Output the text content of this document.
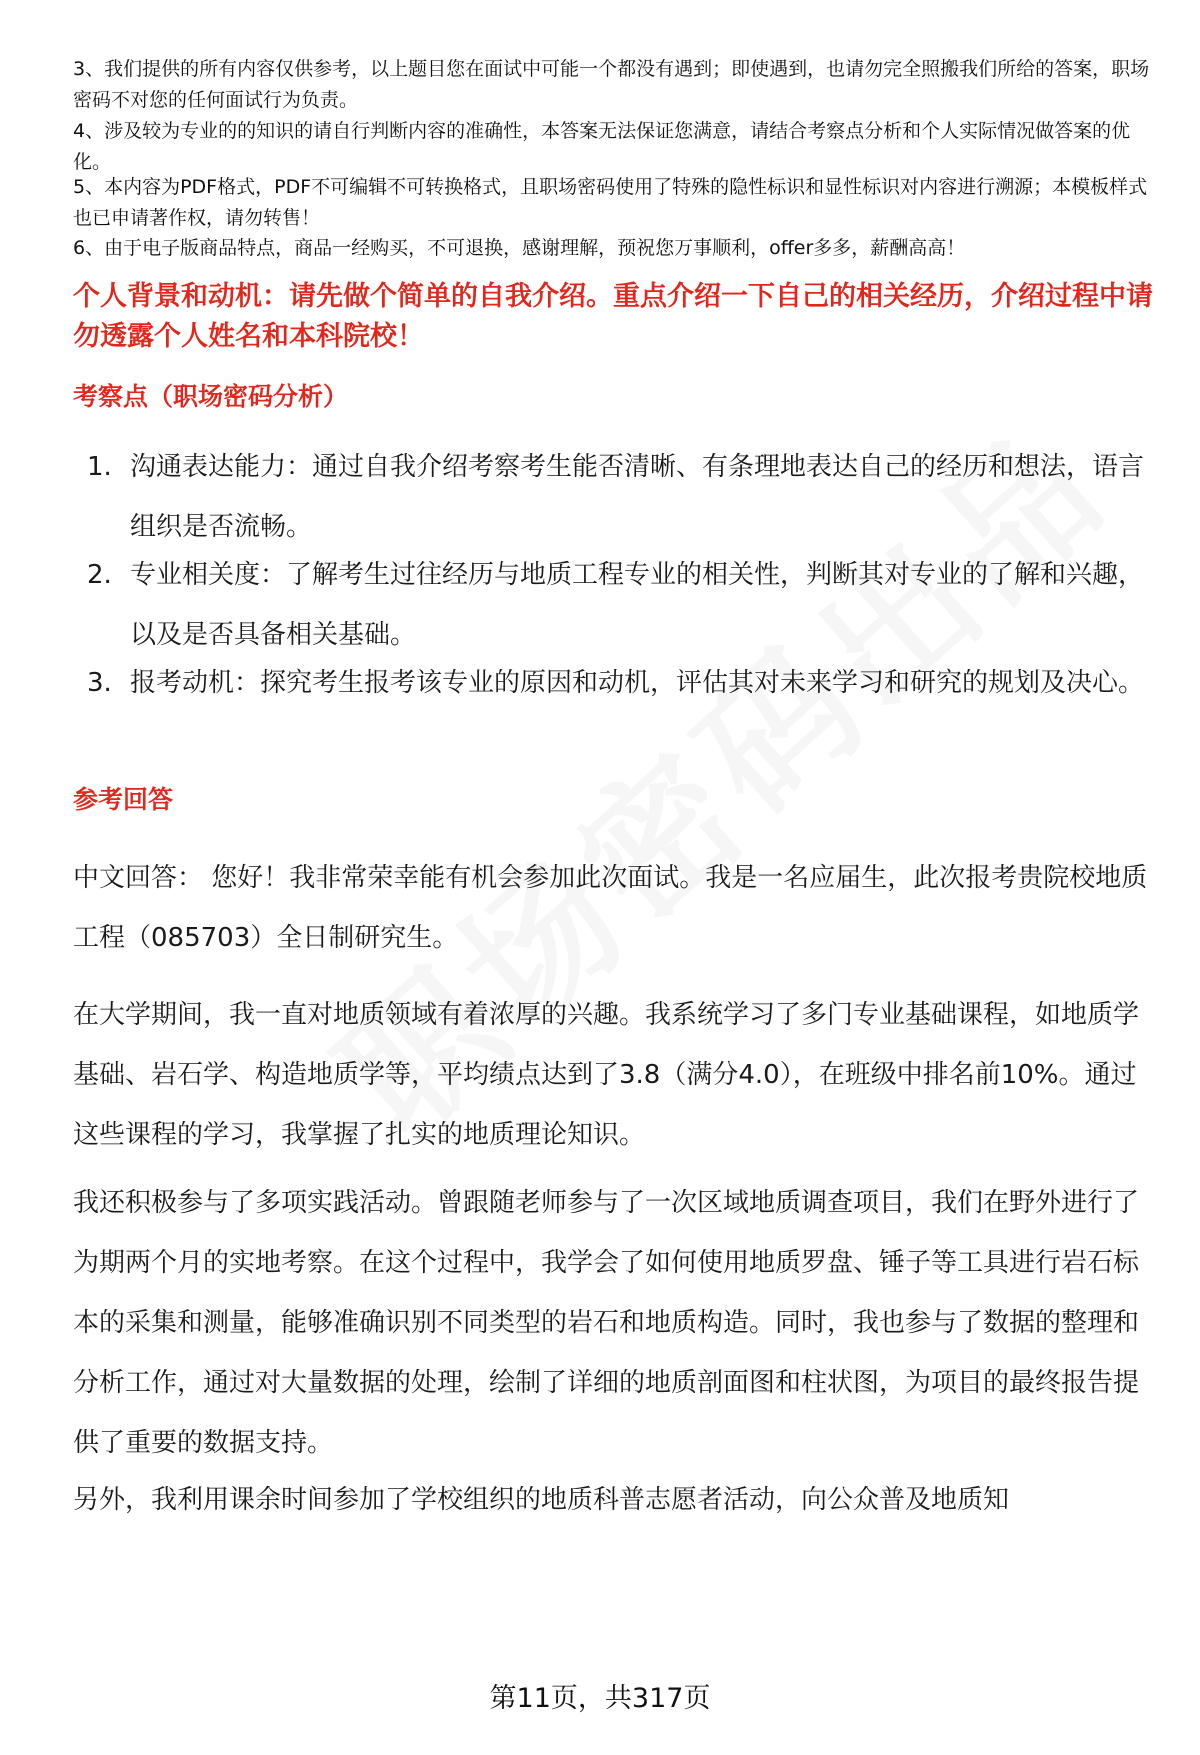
3、我们提供的所有内容仅供参考，以上题目您在面试中可能一个都没有遇到；即使遇到，也请勿完全照搬我们所给的答案，职场密码不对您的任何面试行为负责。
4、涉及较为专业的的知识的请自行判断内容的准确性，本答案无法保证您满意，请结合考察点分析和个人实际情况做答案的优化。
5、本内容为PDF格式，PDF不可编辑不可转换格式，且职场密码使用了特殊的隐性标识和显性标识对内容进行溯源；本模板样式也已申请著作权，请勿转售！
6、由于电子版商品特点，商品一经购买，不可退换，感谢理解，预祝您万事顺利，offer多多，薪酬高高！
个人背景和动机：请先做个简单的自我介绍。重点介绍一下自己的相关经历，介绍过程中请勿透露个人姓名和本科院校！
考察点（职场密码分析）
1. 沟通表达能力：通过自我介绍考察考生能否清晰、有条理地表达自己的经历和想法，语言组织是否流畅。
2. 专业相关度：了解考生过往经历与地质工程专业的相关性，判断其对专业的了解和兴趣，以及是否具备相关基础。
3. 报考动机：探究考生报考该专业的原因和动机，评估其对未来学习和研究的规划及决心。
参考回答
中文回答： 您好！我非常荣幸能有机会参加此次面试。我是一名应届生，此次报考贵院校地质工程（085703）全日制研究生。
在大学期间，我一直对地质领域有着浓厚的兴趣。我系统学习了多门专业基础课程，如地质学基础、岩石学、构造地质学等，平均绩点达到了3.8（满分4.0），在班级中排名前10%。通过这些课程的学习，我掌握了扎实的地质理论知识。
我还积极参与了多项实践活动。曾跟随老师参与了一次区域地质调查项目，我们在野外进行了为期两个月的实地考察。在这个过程中，我学会了如何使用地质罗盘、锤子等工具进行岩石标本的采集和测量，能够准确识别不同类型的岩石和地质构造。同时，我也参与了数据的整理和分析工作，通过对大量数据的处理，绘制了详细的地质剖面图和柱状图，为项目的最终报告提供了重要的数据支持。
另外，我利用课余时间参加了学校组织的地质科普志愿者活动，向公众普及地质知
第11页，共317页
